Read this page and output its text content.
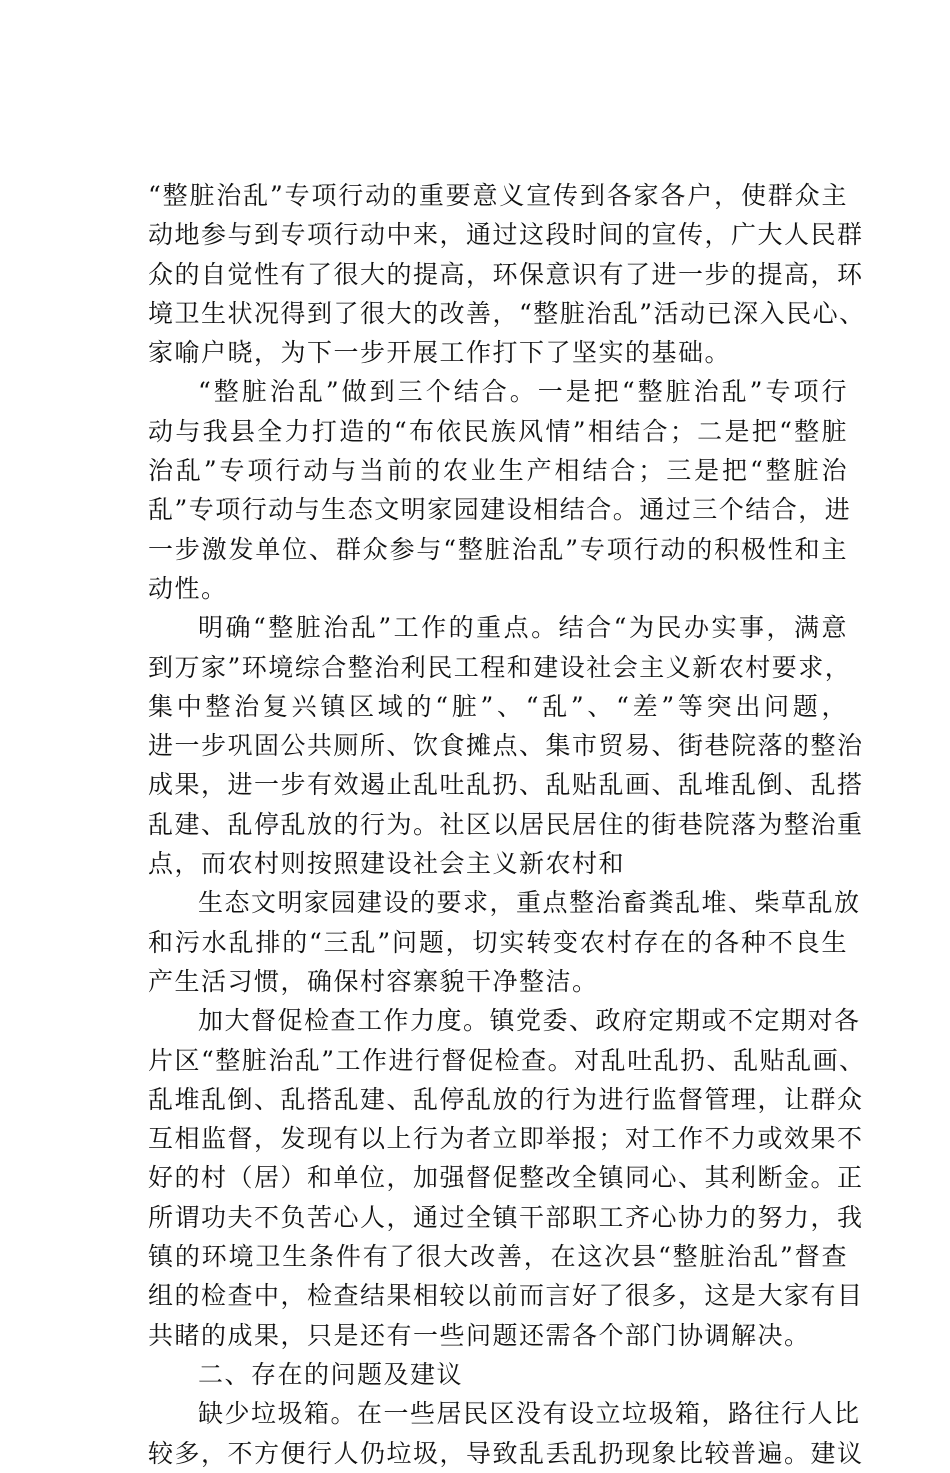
“整脏治乱”专项行动的重要意义宣传到各家各户，使群众主
动地参与到专项行动中来，通过这段时间的宣传，广大人民群
众的自觉性有了很大的提高，环保意识有了进一步的提高，环
境卫生状况得到了很大的改善，“整脏治乱”活动已深入民心、
家喻户晓，为下一步开展工作打下了坚实的基础。
“整脏治乱”做到三个结合。一是把“整脏治乱”专项行
动与我县全力打造的“布依民族风情”相结合；二是把“整脏
治乱”专项行动与当前的农业生产相结合；三是把“整脏治
乱”专项行动与生态文明家园建设相结合。通过三个结合，进
一步激发单位、群众参与“整脏治乱”专项行动的积极性和主
动性。
明确“整脏治乱”工作的重点。结合“为民办实事，满意
到万家”环境综合整治利民工程和建设社会主义新农村要求，
集中整治复兴镇区域的“脏”、“乱”、“差”等突出问题，
进一步巩固公共厕所、饮食摊点、集市贸易、街巷院落的整治
成果，进一步有效遏止乱吐乱扔、乱贴乱画、乱堆乱倒、乱搭
乱建、乱停乱放的行为。社区以居民居住的街巷院落为整治重
点，而农村则按照建设社会主义新农村和
生态文明家园建设的要求，重点整治畜粪乱堆、柴草乱放
和污水乱排的“三乱”问题，切实转变农村存在的各种不良生
产生活习惯，确保村容寨貌干净整洁。
加大督促检查工作力度。镇党委、政府定期或不定期对各
片区“整脏治乱”工作进行督促检查。对乱吐乱扔、乱贴乱画、
乱堆乱倒、乱搭乱建、乱停乱放的行为进行监督管理，让群众
互相监督，发现有以上行为者立即举报；对工作不力或效果不
好的村（居）和单位，加强督促整改全镇同心、其利断金。正
所谓功夫不负苦心人，通过全镇干部职工齐心协力的努力，我
镇的环境卫生条件有了很大改善，在这次县“整脏治乱”督查
组的检查中，检查结果相较以前而言好了很多，这是大家有目
共睹的成果，只是还有一些问题还需各个部门协调解决。
二、存在的问题及建议
缺少垃圾箱。在一些居民区没有设立垃圾箱，路往行人比
较多，不方便行人仍垃圾，导致乱丢乱扔现象比较普遍。建议
